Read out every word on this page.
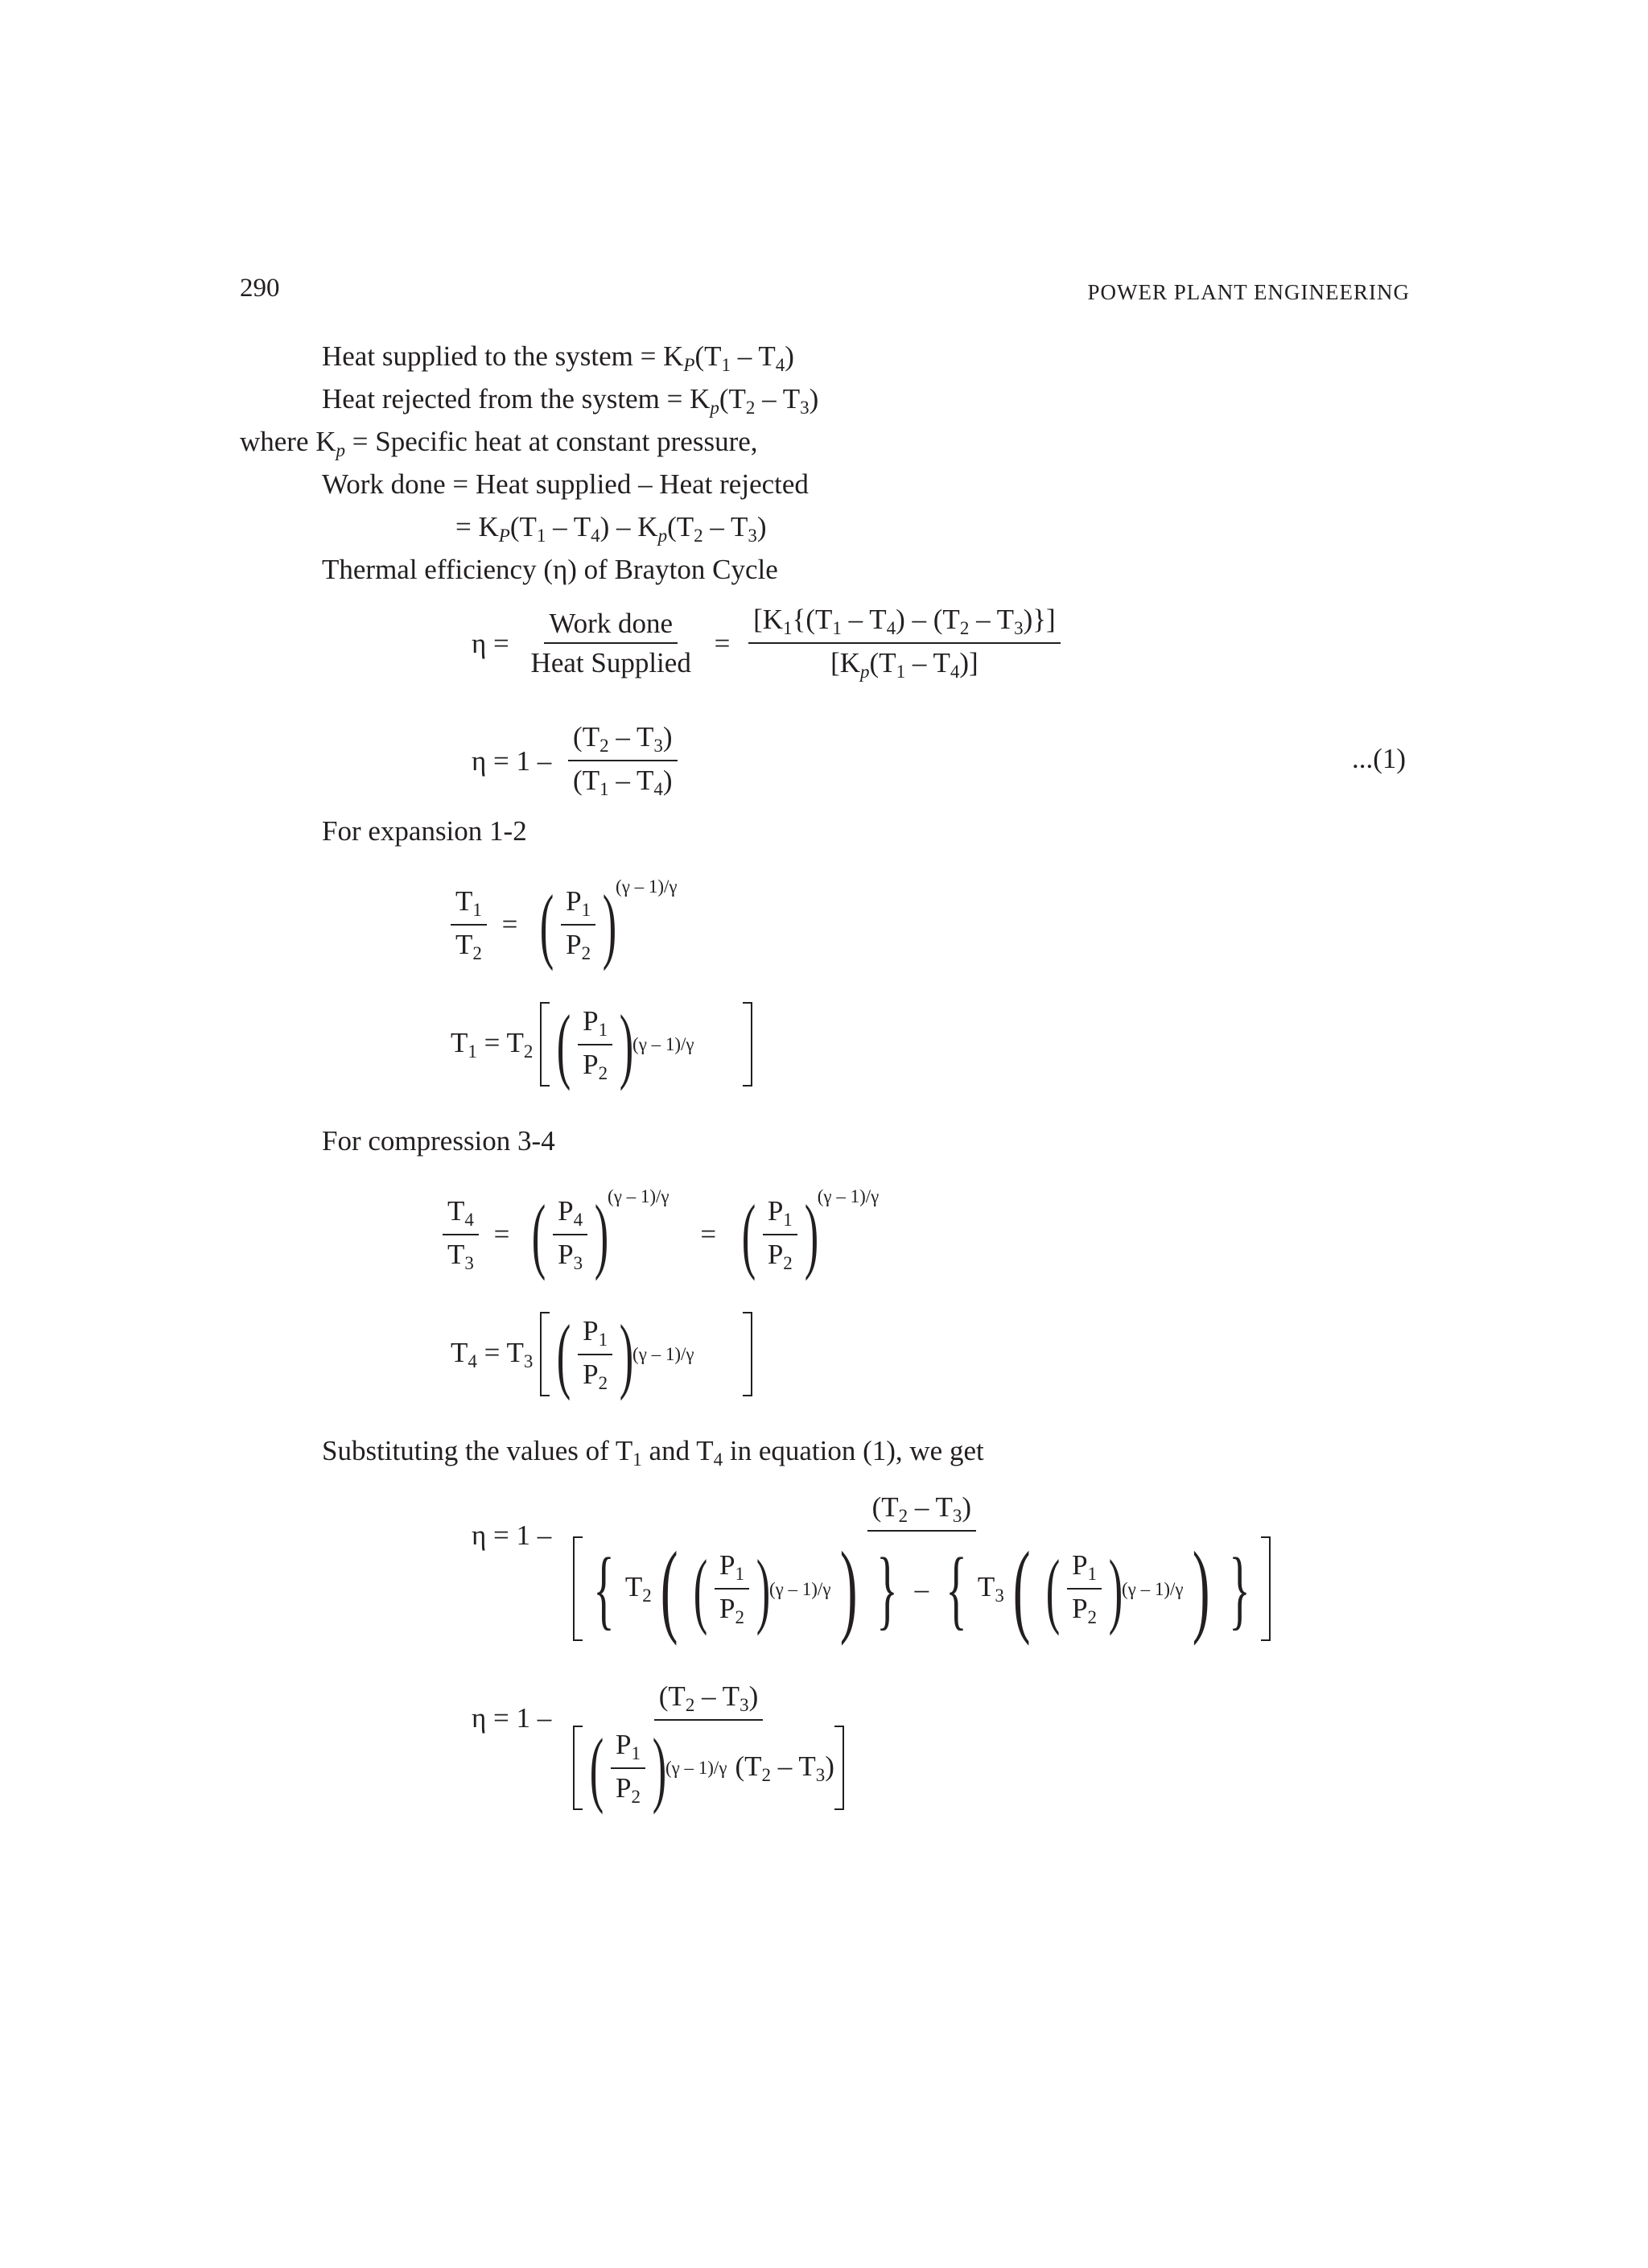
290	POWER PLANT ENGINEERING
Heat supplied to the system = $K_P(T_1 - T_4)$
Heat rejected from the system = $K_p(T_2 - T_3)$
where $K_p$ = Specific heat at constant pressure,
Work done = Heat supplied – Heat rejected
= $K_P(T_1 - T_4) - K_p(T_2 - T_3)$
Thermal efficiency (η) of Brayton Cycle
$\eta = \frac{\text{Work done}}{\text{Heat Supplied}} = \frac{[K_1\{(T_1 - T_4) - (T_2 - T_3)\}]}{[K_p(T_1 - T_4)]}$
$\eta = 1 - \frac{(T_2 - T_3)}{(T_1 - T_4)}$	...(1)
For expansion 1-2
$\frac{T_1}{T_2}$ = ( $\frac{P_1}{P_2}$ )
$^{(\gamma - 1)/\gamma}$
$T_1 = T_2$ ( $\frac{P_1}{P_2}$ )
(γ – 1)/γ
For compression 3-4
$\frac{T_4}{T_3}$ = ( $\frac{P_4}{P_3}$ )
$^{(\gamma - 1)/\gamma}$ = ( $\frac{P_1}{P_2}$ )
$^{(\gamma - 1)/\gamma}$
$T_4 = T_3$ ( $\frac{P_1}{P_2}$ )
(γ – 1)/γ
Substituting the values of $T_1$ and $T_4$ in equation (1), we get
η = 1 –
$(T_2 - T_3)$
{ $T_2$ ( ( $\frac{P_1}{P_2}$ )
(γ – 1)/γ ) } – { $T_3$ ( ( $\frac{P_1}{P_2}$ )
(γ – 1)/γ ) }
η = 1 –
$(T_2 - T_3)$
( $\frac{P_1}{P_2}$ )
(γ – 1)/γ $(T_2 - T_3)$
